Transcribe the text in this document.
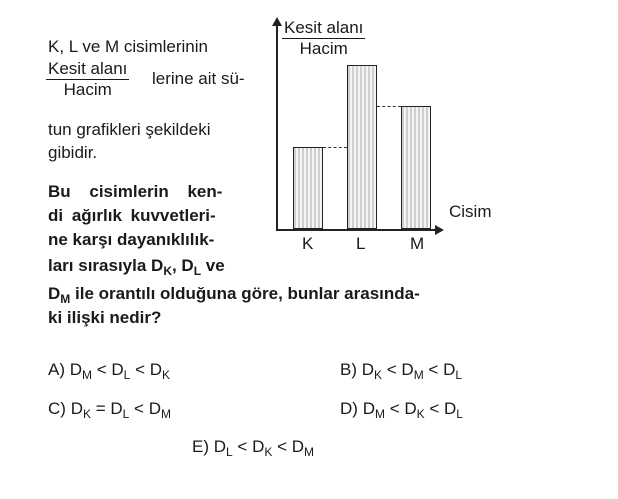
K, L ve M cisimlerinin
Kesit alanı
Hacim
lerine ait sü-
tun grafikleri şekildeki
gibidir.
Bu cisimlerin ken-
di ağırlık kuvvetleri-
ne karşı dayanıklılık-
ları sırasıyla $D_K$, $D_L$ ve
$D_M$ ile orantılı olduğuna göre, bunlar arasında-
ki ilişki nedir?
Kesit alanı
Hacim
Cisim
K	L	M
A) $D_M < D_L < D_K$	B) $D_K < D_M < D_L$
C) $D_K = D_L < D_M$	D) $D_M < D_K < D_L$
E) $D_L < D_K < D_M$
